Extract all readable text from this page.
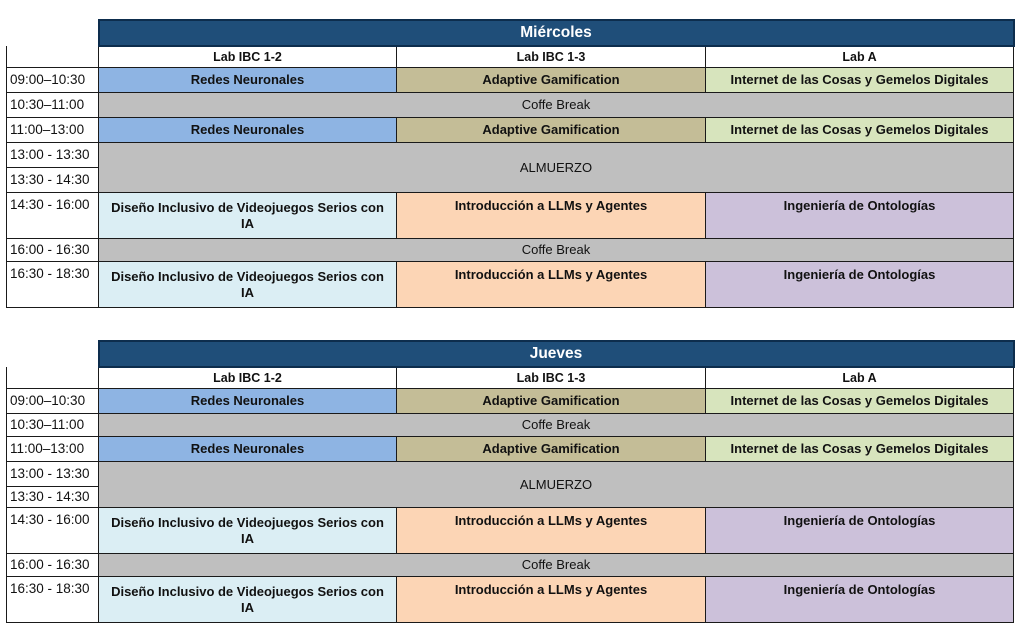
	Miércoles		
	Lab IBC 1-2	Lab IBC 1-3	Lab A
09:00–10:30	Redes Neuronales	Adaptive Gamification	Internet de las Cosas y Gemelos Digitales
10:30–11:00	Coffe Break		
11:00–13:00	Redes Neuronales	Adaptive Gamification	Internet de las Cosas y Gemelos Digitales
13:00 - 13:30	ALMUERZO		
13:30 - 14:30			
14:30 - 16:00	Diseño Inclusivo de Videojuegos Serios con IA	Introducción a LLMs y Agentes	Ingeniería de Ontologías
16:00 - 16:30	Coffe Break		
16:30 - 18:30	Diseño Inclusivo de Videojuegos Serios con IA	Introducción a LLMs y Agentes	Ingeniería de Ontologías
	Jueves		
	Lab IBC 1-2	Lab IBC 1-3	Lab A
09:00–10:30	Redes Neuronales	Adaptive Gamification	Internet de las Cosas y Gemelos Digitales
10:30–11:00	Coffe Break		
11:00–13:00	Redes Neuronales	Adaptive Gamification	Internet de las Cosas y Gemelos Digitales
13:00 - 13:30	ALMUERZO		
13:30 - 14:30			
14:30 - 16:00	Diseño Inclusivo de Videojuegos Serios con IA	Introducción a LLMs y Agentes	Ingeniería de Ontologías
16:00 - 16:30	Coffe Break		
16:30 - 18:30	Diseño Inclusivo de Videojuegos Serios con IA	Introducción a LLMs y Agentes	Ingeniería de Ontologías
